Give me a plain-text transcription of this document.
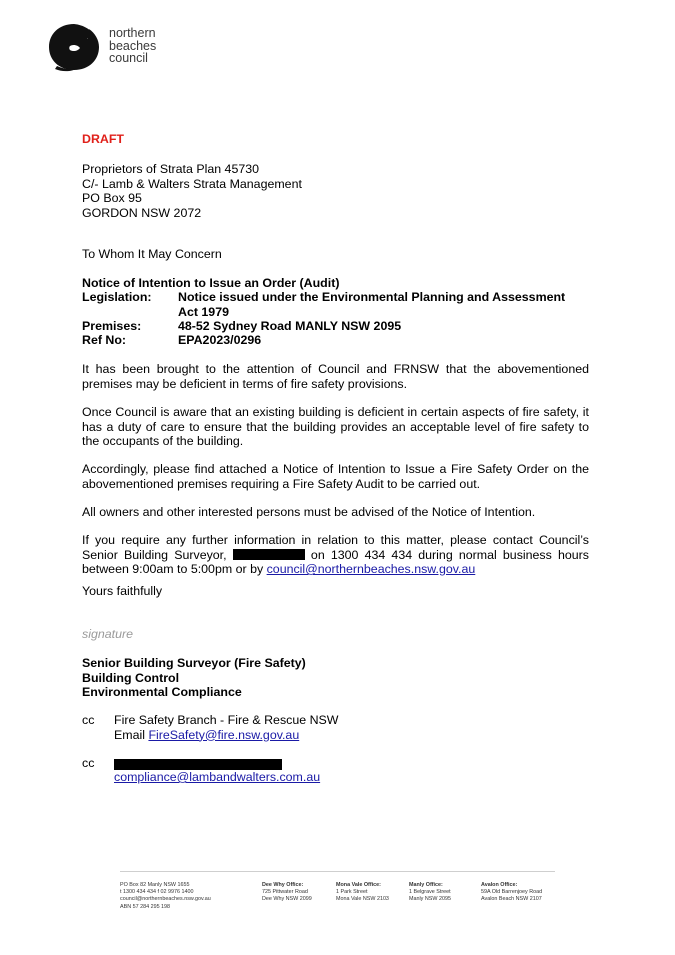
northern
beaches
council
DRAFT
Proprietors of Strata Plan 45730
C/- Lamb & Walters Strata Management
PO Box 95
GORDON NSW 2072
To Whom It May Concern
Notice of Intention to Issue an Order (Audit)
Legislation: Notice issued under the Environmental Planning and Assessment
Act 1979
Premises:	48-52 Sydney Road MANLY NSW 2095
Ref No:	EPA2023/0296
It has been brought to the attention of Council and FRNSW that the abovementioned premises may be deficient in terms of fire safety provisions.
Once Council is aware that an existing building is deficient in certain aspects of fire safety, it has a duty of care to ensure that the building provides an acceptable level of fire safety to the occupants of the building.
Accordingly, please find attached a Notice of Intention to Issue a Fire Safety Order on the abovementioned premises requiring a Fire Safety Audit to be carried out.
All owners and other interested persons must be advised of the Notice of Intention.
If you require any further information in relation to this matter, please contact Council’s Senior Building Surveyor,	on 1300 434 434 during normal business hours between 9:00am to 5:00pm or by council@northernbeaches.nsw.gov.au
Yours faithfully
signature
Senior Building Surveyor (Fire Safety)
Building Control
Environmental Compliance
cc Fire Safety Branch - Fire & Rescue NSW
Email FireSafety@fire.nsw.gov.au
cc
compliance@lambandwalters.com.au
PO Box 82 Manly NSW 1655
t 1300 434 434 f 02 9976 1400
council@northernbeaches.nsw.gov.au
ABN 57 284 295 198
Dee Why Office:
725 Pittwater Road
Dee Why NSW 2099
Mona Vale Office:
1 Park Street
Mona Vale NSW 2103
Manly Office:
1 Belgrave Street
Manly NSW 2095
Avalon Office:
59A Old Barrenjoey Road
Avalon Beach NSW 2107
